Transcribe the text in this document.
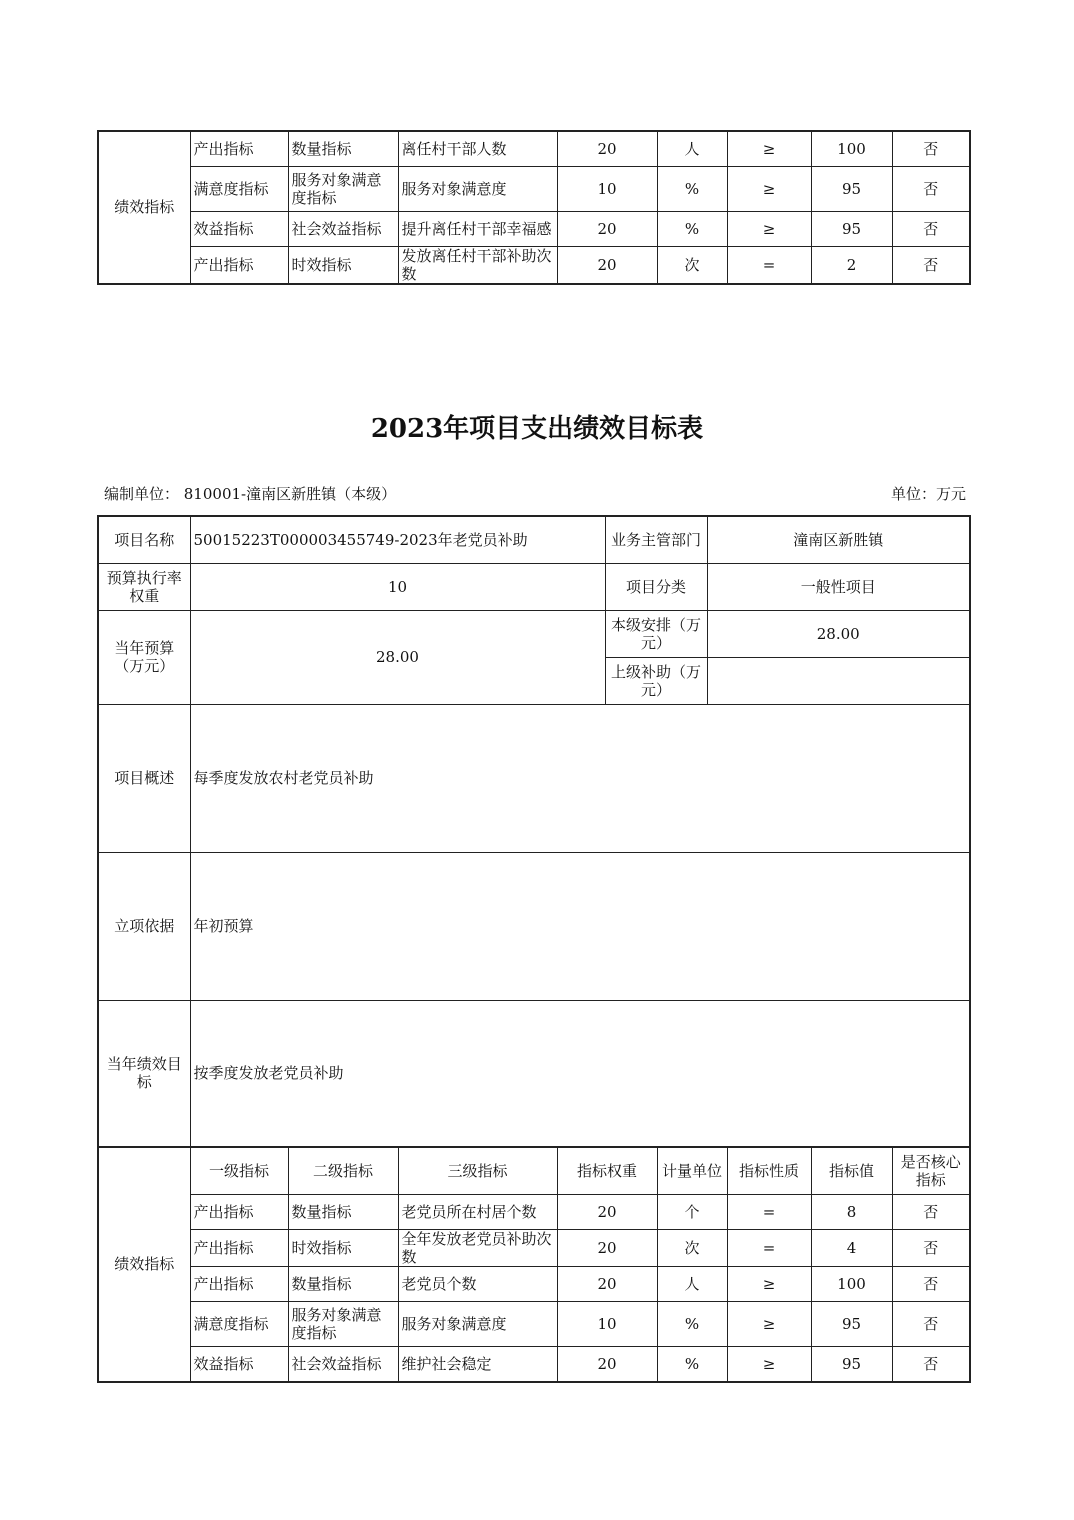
绩效指标	产出指标	数量指标	离任村干部人数	20	人	≥	100	否
	满意度指标	服务对象满意度指标	服务对象满意度	10	%	≥	95	否
	效益指标	社会效益指标	提升离任村干部幸福感	20	%	≥	95	否
	产出指标	时效指标	发放离任村干部补助次数	20	次	=	2	否
2023年项目支出绩效目标表
编制单位： 810001-潼南区新胜镇（本级）	单位：万元
项目名称	50015223T000003455749-2023年老党员补助	业务主管部门	潼南区新胜镇
预算执行率权重	10	项目分类	一般性项目
当年预算（万元）	28.00	本级安排（万元）	28.00
		上级补助（万元）	
项目概述	每季度发放农村老党员补助		
立项依据	年初预算		
当年绩效目标	按季度发放老党员补助		
绩效指标	一级指标	二级指标	三级指标	指标权重	计量单位	指标性质	指标值	是否核心指标
	产出指标	数量指标	老党员所在村居个数	20	个	=	8	否
	产出指标	时效指标	全年发放老党员补助次数	20	次	=	4	否
	产出指标	数量指标	老党员个数	20	人	≥	100	否
	满意度指标	服务对象满意度指标	服务对象满意度	10	%	≥	95	否
	效益指标	社会效益指标	维护社会稳定	20	%	≥	95	否
